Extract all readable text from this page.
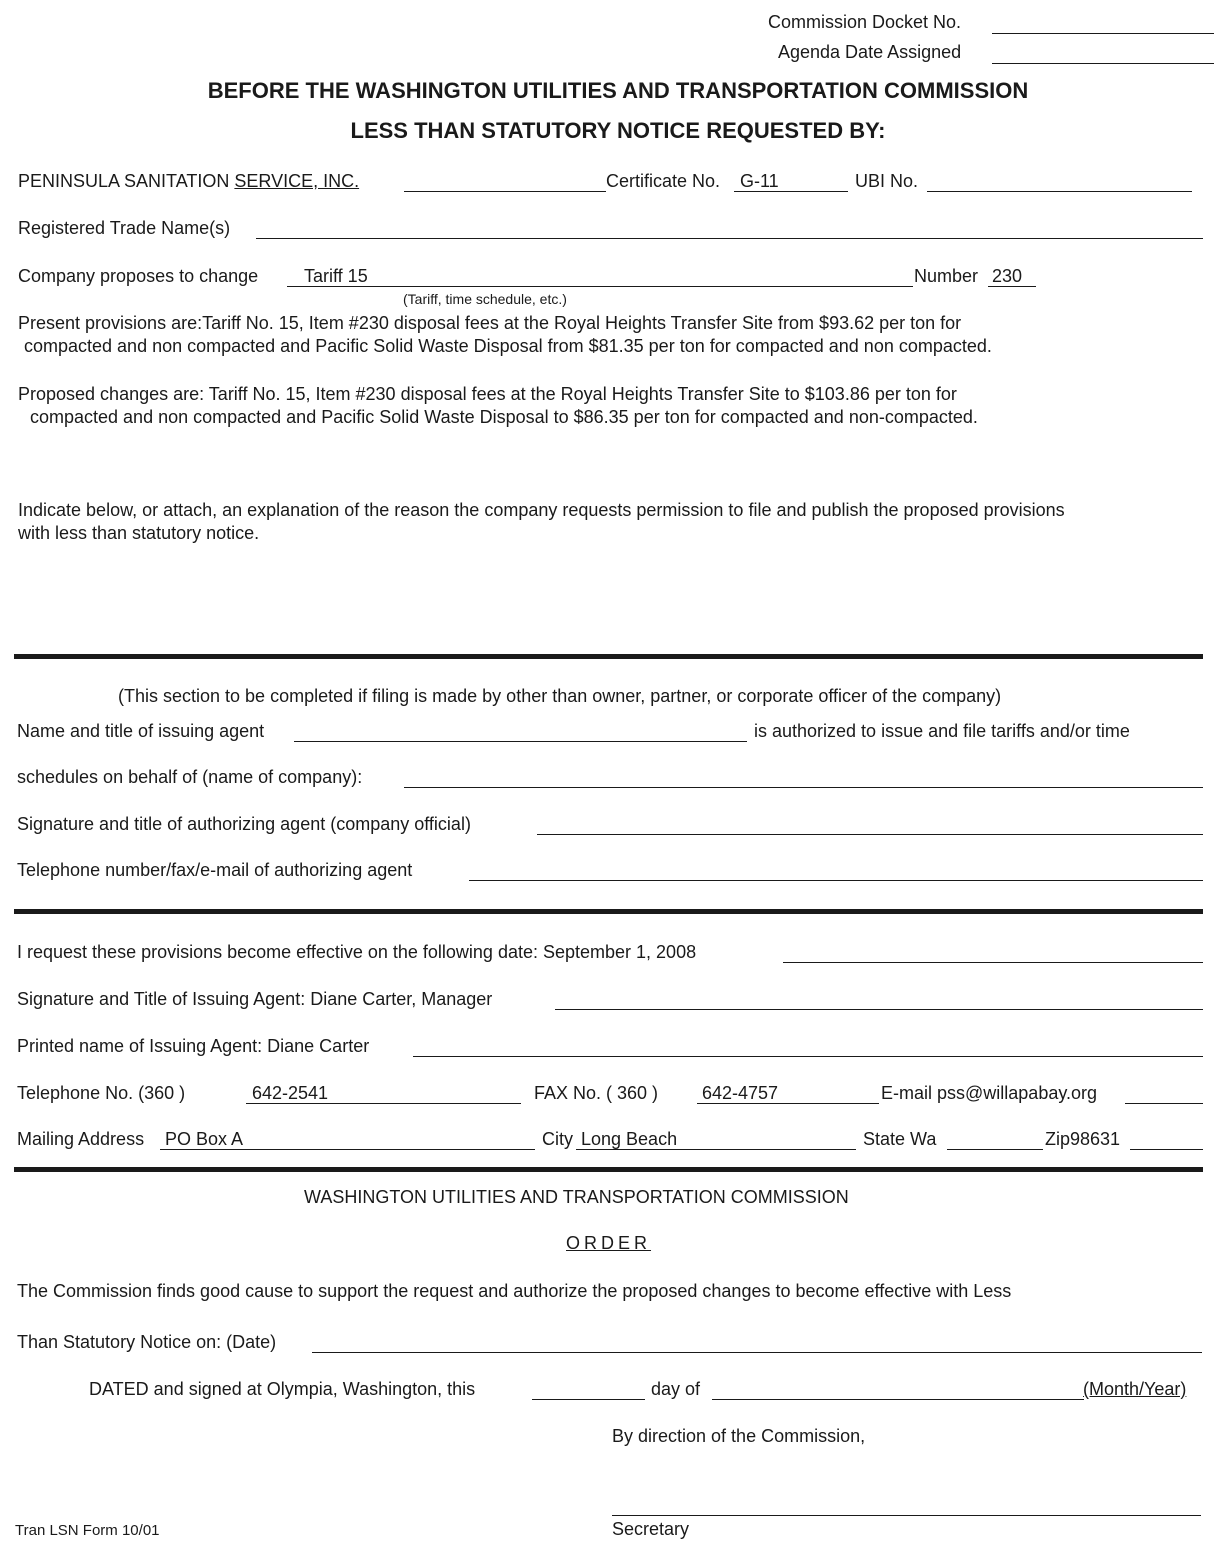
Commission Docket No.
Agenda Date Assigned
BEFORE THE WASHINGTON UTILITIES AND TRANSPORTATION COMMISSION
LESS THAN STATUTORY NOTICE REQUESTED BY:
PENINSULA SANITATION SERVICE, INC.	Certificate No. G-11	UBI No.
Registered Trade Name(s)
Company proposes to change	Tariff 15
(Tariff, time schedule, etc.)
Number 230
Present provisions are:Tariff No. 15, Item #230 disposal fees at the Royal Heights Transfer Site from $93.62 per ton for
compacted and non compacted and Pacific Solid Waste Disposal from $81.35 per ton for compacted and non compacted.
Proposed changes are: Tariff No. 15, Item #230 disposal fees at the Royal Heights Transfer Site to $103.86 per ton for
compacted and non compacted and Pacific Solid Waste Disposal to $86.35 per ton for compacted and non-compacted.
Indicate below, or attach, an explanation of the reason the company requests permission to file and publish the proposed provisions
with less than statutory notice.
(This section to be completed if filing is made by other than owner, partner, or corporate officer of the company)
Name and title of issuing agent	is authorized to issue and file tariffs and/or time
schedules on behalf of (name of company):
Signature and title of authorizing agent (company official)
Telephone number/fax/e-mail of authorizing agent
I request these provisions become effective on the following date: September 1, 2008
Signature and Title of Issuing Agent: Diane Carter, Manager
Printed name of Issuing Agent: Diane Carter
Telephone No. (360 )	642-2541	FAX No. ( 360 ) 642-4757	E-mail pss@willapabay.org
Mailing Address PO Box A	City Long Beach	State Wa	Zip98631
WASHINGTON UTILITIES AND TRANSPORTATION COMMISSION
ORDER
The Commission finds good cause to support the request and authorize the proposed changes to become effective with Less
Than Statutory Notice on: (Date)
DATED and signed at Olympia, Washington, this	day of	(Month/Year)
By direction of the Commission,
Secretary
Tran LSN Form 10/01
